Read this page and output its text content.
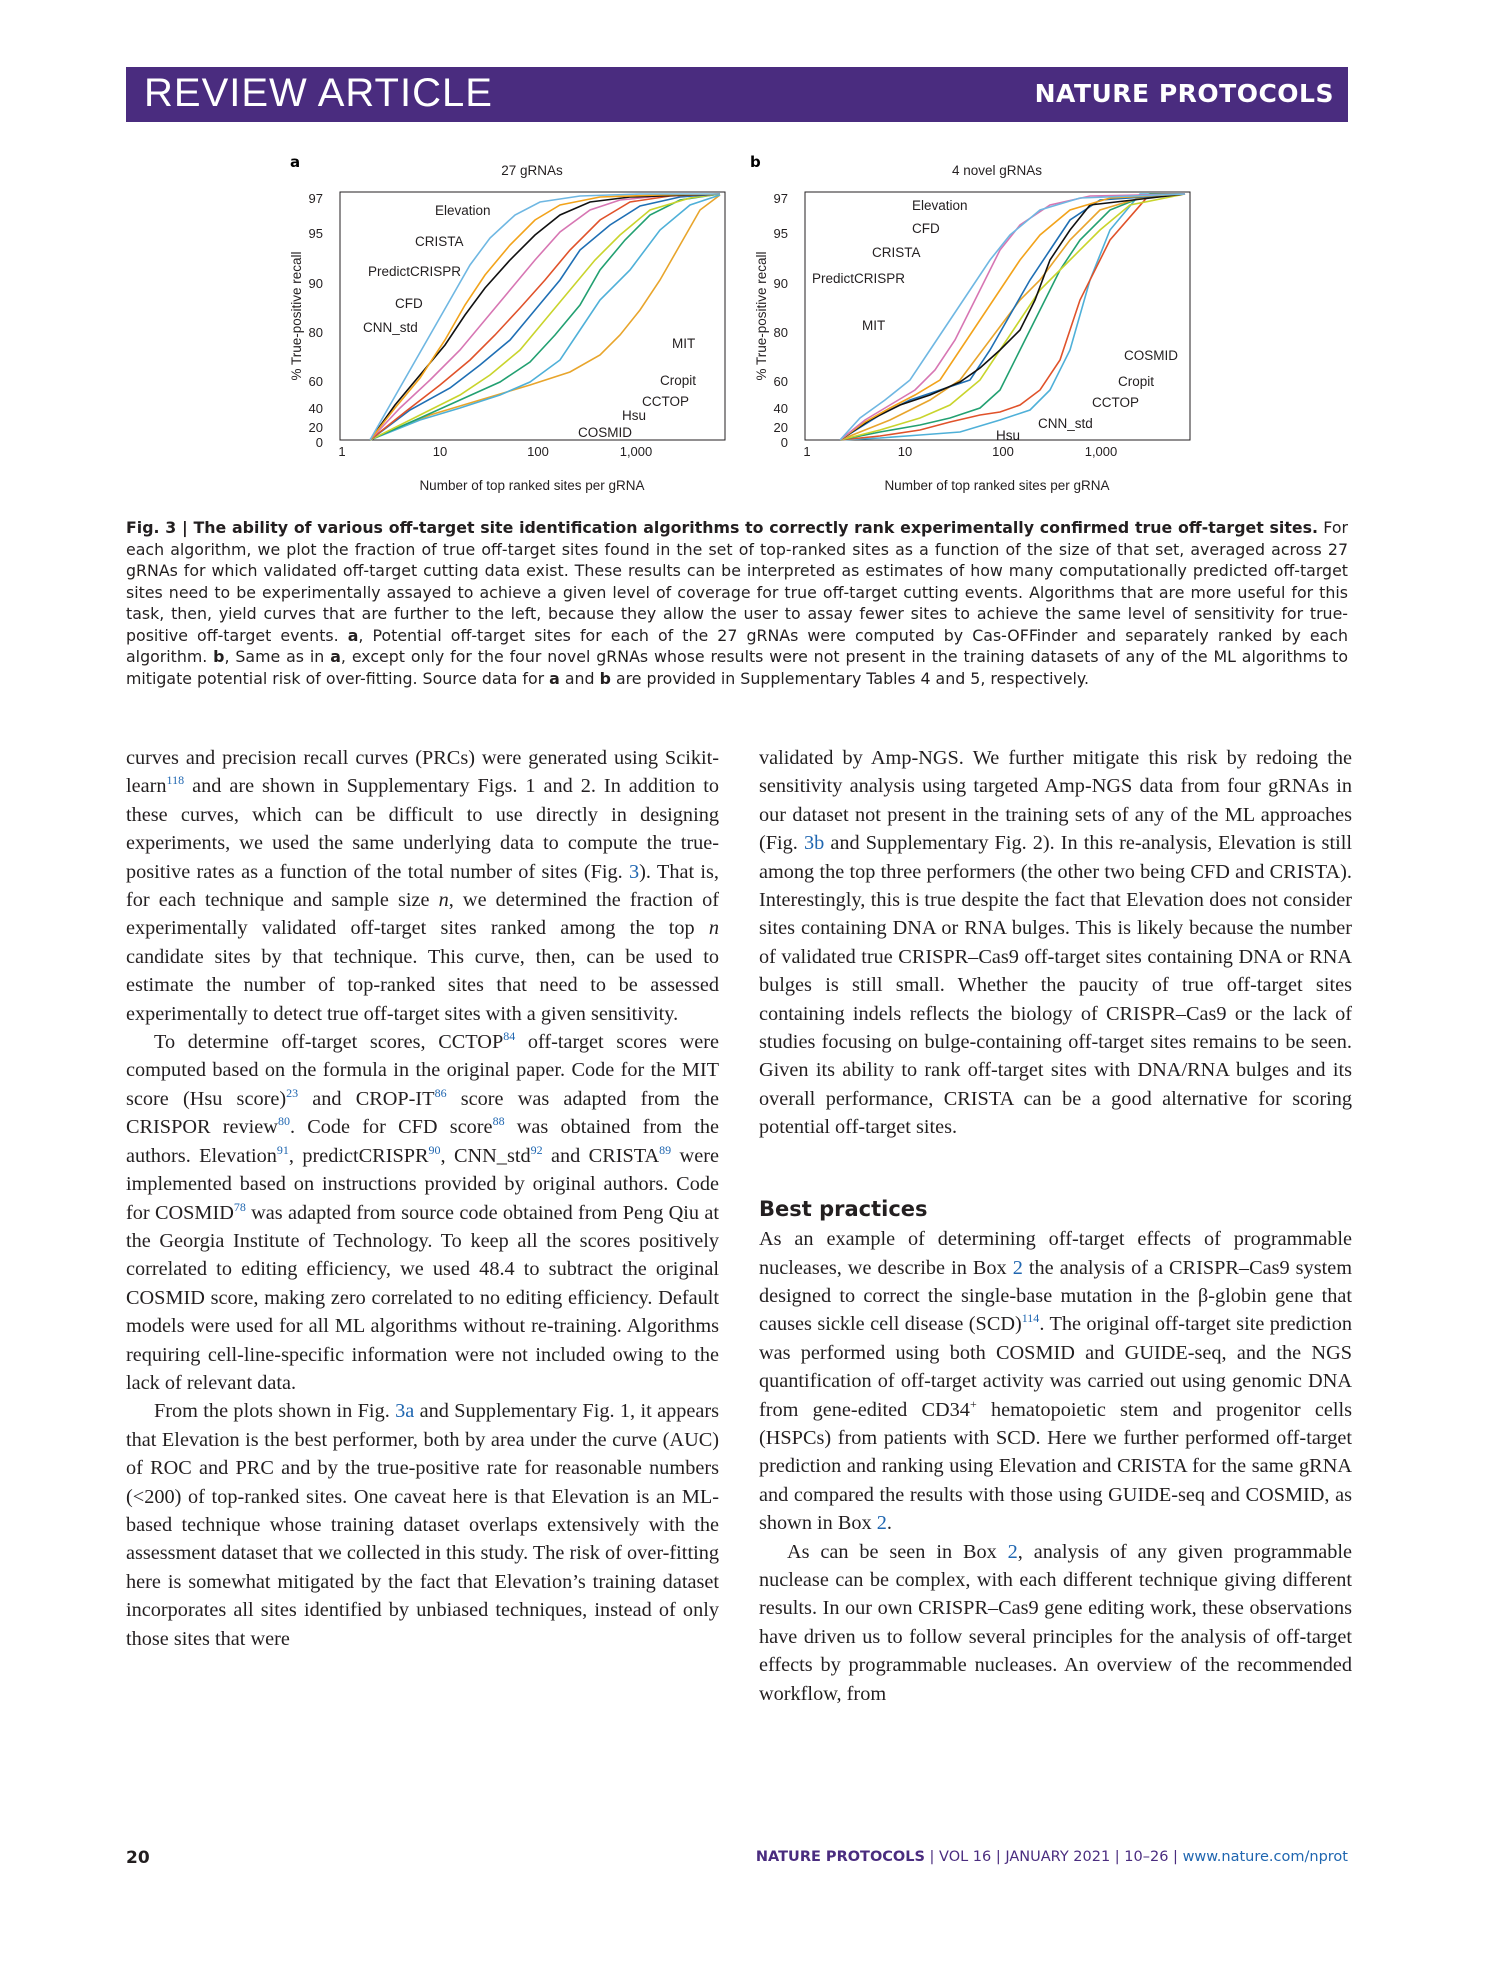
REVIEW ARTICLE	NATURE PROTOCOLS
a	27 gRNAs
97
95
90
80
60
40
20
0
1	10	100	1,000
Number of top ranked sites per gRNA
% True-positive recall
Elevation
CRISTA
PredictCRISPR
CFD
CNN_std
MIT
Cropit
CCTOP
Hsu
COSMID
b	4 novel gRNAs
97
95
90
80
60
40
20
0
1	10	100	1,000
Number of top ranked sites per gRNA
% True-positive recall
Elevation
CFD
CRISTA
PredictCRISPR
MIT
COSMID
Cropit
CCTOP
CNN_std
Hsu
Fig. 3 | The ability of various off-target site identification algorithms to correctly rank experimentally confirmed true off-target sites. For each algorithm, we plot the fraction of true off-target sites found in the set of top-ranked sites as a function of the size of that set, averaged across 27 gRNAs for which validated off-target cutting data exist. These results can be interpreted as estimates of how many computationally predicted off-target sites need to be experimentally assayed to achieve a given level of coverage for true off-target cutting events. Algorithms that are more useful for this task, then, yield curves that are further to the left, because they allow the user to assay fewer sites to achieve the same level of sensitivity for true-positive off-target events. a, Potential off-target sites for each of the 27 gRNAs were computed by Cas-OFFinder and separately ranked by each algorithm. b, Same as in a, except only for the four novel gRNAs whose results were not present in the training datasets of any of the ML algorithms to mitigate potential risk of over-fitting. Source data for a and b are provided in Supplementary Tables 4 and 5, respectively.

curves and precision recall curves (PRCs) were generated using Scikit-learn$^{118}$ and are shown in Supplementary Figs. 1 and 2. In addition to these curves, which can be difficult to use directly in designing experiments, we used the same underlying data to compute the true-positive rates as a function of the total number of sites (Fig. 3). That is, for each technique and sample size n, we determined the fraction of experimentally validated off-target sites ranked among the top n candidate sites by that technique. This curve, then, can be used to estimate the number of top-ranked sites that need to be assessed experimentally to detect true off-target sites with a given sensitivity.

To determine off-target scores, CCTOP$^{84}$ off-target scores were computed based on the formula in the original paper. Code for the MIT score (Hsu score)$^{23}$ and CROP-IT$^{86}$ score was adapted from the CRISPOR review$^{80}$. Code for CFD score$^{88}$ was obtained from the authors. Elevation$^{91}$, predictCRISPR$^{90}$, CNN_std$^{92}$ and CRISTA$^{89}$ were implemented based on instructions provided by original authors. Code for COSMID$^{78}$ was adapted from source code obtained from Peng Qiu at the Georgia Institute of Technology. To keep all the scores positively correlated to editing efficiency, we used 48.4 to subtract the original COSMID score, making zero correlated to no editing efficiency. Default models were used for all ML algorithms without re-training. Algorithms requiring cell-line-specific information were not included owing to the lack of relevant data.

From the plots shown in Fig. 3a and Supplementary Fig. 1, it appears that Elevation is the best performer, both by area under the curve (AUC) of ROC and PRC and by the true-positive rate for reasonable numbers (<200) of top-ranked sites. One caveat here is that Elevation is an ML-based technique whose training dataset overlaps extensively with the assessment dataset that we collected in this study. The risk of over-fitting here is somewhat mitigated by the fact that Elevation’s training dataset incorporates all sites identified by unbiased techniques, instead of only those sites that were

validated by Amp-NGS. We further mitigate this risk by redoing the sensitivity analysis using targeted Amp-NGS data from four gRNAs in our dataset not present in the training sets of any of the ML approaches (Fig. 3b and Supplementary Fig. 2). In this re-analysis, Elevation is still among the top three performers (the other two being CFD and CRISTA). Interestingly, this is true despite the fact that Elevation does not consider sites containing DNA or RNA bulges. This is likely because the number of validated true CRISPR–Cas9 off-target sites containing DNA or RNA bulges is still small. Whether the paucity of true off-target sites containing indels reflects the biology of CRISPR–Cas9 or the lack of studies focusing on bulge-containing off-target sites remains to be seen. Given its ability to rank off-target sites with DNA/RNA bulges and its overall performance, CRISTA can be a good alternative for scoring potential off-target sites.

Best practices

As an example of determining off-target effects of programmable nucleases, we describe in Box 2 the analysis of a CRISPR–Cas9 system designed to correct the single-base mutation in the β-globin gene that causes sickle cell disease (SCD)$^{114}$. The original off-target site prediction was performed using both COSMID and GUIDE-seq, and the NGS quantification of off-target activity was carried out using genomic DNA from gene-edited CD34+ hematopoietic stem and progenitor cells (HSPCs) from patients with SCD. Here we further performed off-target prediction and ranking using Elevation and CRISTA for the same gRNA and compared the results with those using GUIDE-seq and COSMID, as shown in Box 2.

As can be seen in Box 2, analysis of any given programmable nuclease can be complex, with each different technique giving different results. In our own CRISPR–Cas9 gene editing work, these observations have driven us to follow several principles for the analysis of off-target effects by programmable nucleases. An overview of the recommended workflow, from

20	NATURE PROTOCOLS | VOL 16 | JANUARY 2021 | 10–26 | www.nature.com/nprot
